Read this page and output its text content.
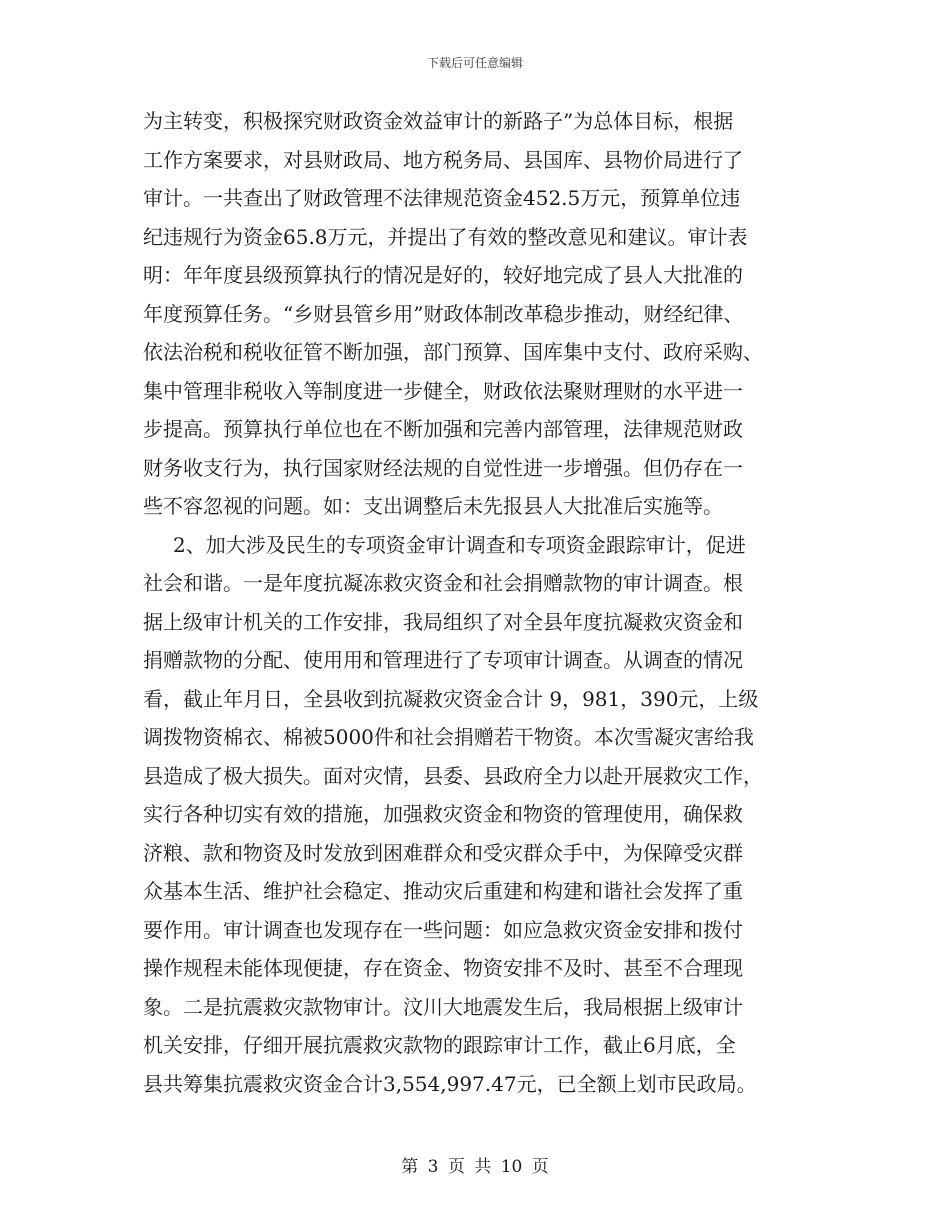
下载后可任意编辑
为主转变，积极探究财政资金效益审计的新路子”为总体目标，根据
工作方案要求，对县财政局、地方税务局、县国库、县物价局进行了
审计。一共查出了财政管理不法律规范资金452.5万元，预算单位违
纪违规行为资金65.8万元，并提出了有效的整改意见和建议。审计表
明：年年度县级预算执行的情况是好的，较好地完成了县人大批准的
年度预算任务。“乡财县管乡用”财政体制改革稳步推动，财经纪律、
依法治税和税收征管不断加强，部门预算、国库集中支付、政府采购、
集中管理非税收入等制度进一步健全，财政依法聚财理财的水平进一
步提高。预算执行单位也在不断加强和完善内部管理，法律规范财政
财务收支行为，执行国家财经法规的自觉性进一步增强。但仍存在一
些不容忽视的问题。如：支出调整后未先报县人大批准后实施等。
2、加大涉及民生的专项资金审计调查和专项资金跟踪审计，促进
社会和谐。一是年度抗凝冻救灾资金和社会捐赠款物的审计调查。根
据上级审计机关的工作安排，我局组织了对全县年度抗凝救灾资金和
捐赠款物的分配、使用用和管理进行了专项审计调查。从调查的情况
看，截止年月日，全县收到抗凝救灾资金合计 9，981，390元，上级
调拨物资棉衣、棉被5000件和社会捐赠若干物资。本次雪凝灾害给我
县造成了极大损失。面对灾情，县委、县政府全力以赴开展救灾工作，
实行各种切实有效的措施，加强救灾资金和物资的管理使用，确保救
济粮、款和物资及时发放到困难群众和受灾群众手中，为保障受灾群
众基本生活、维护社会稳定、推动灾后重建和构建和谐社会发挥了重
要作用。审计调查也发现存在一些问题：如应急救灾资金安排和拨付
操作规程未能体现便捷，存在资金、物资安排不及时、甚至不合理现
象。二是抗震救灾款物审计。汶川大地震发生后，我局根据上级审计
机关安排，仔细开展抗震救灾款物的跟踪审计工作，截止6月底，全
县共筹集抗震救灾资金合计3,554,997.47元，已全额上划市民政局。
第 3 页 共 10 页
